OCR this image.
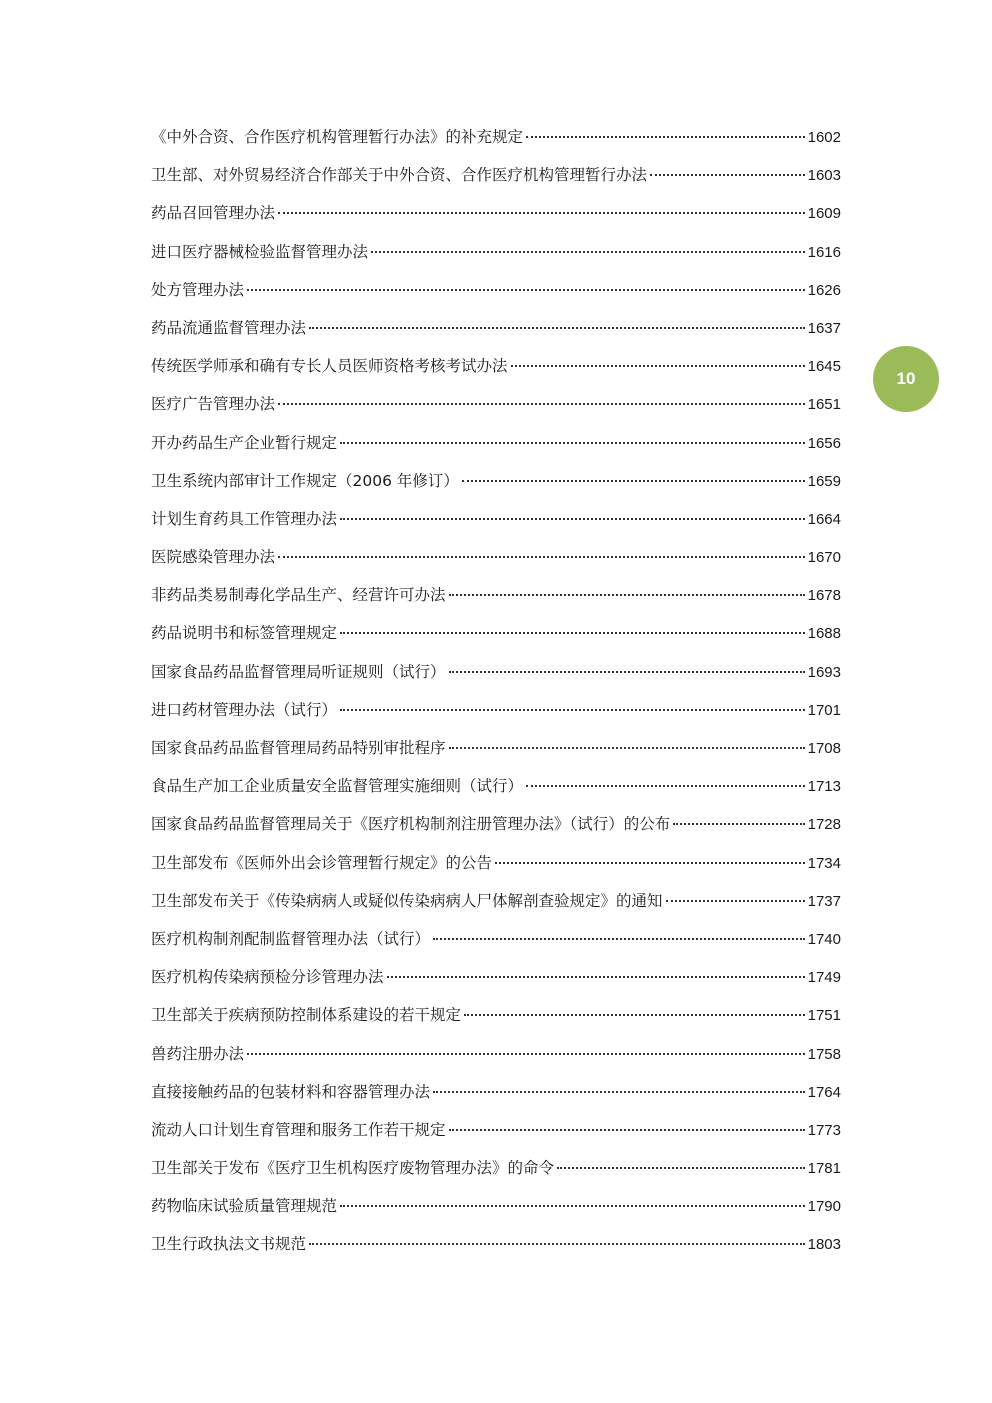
《中外合资、合作医疗机构管理暂行办法》的补充规定	1602
卫生部、对外贸易经济合作部关于中外合资、合作医疗机构管理暂行办法	1603
药品召回管理办法	1609
进口医疗器械检验监督管理办法	1616
处方管理办法	1626
药品流通监督管理办法	1637
传统医学师承和确有专长人员医师资格考核考试办法	1645
医疗广告管理办法	1651
开办药品生产企业暂行规定	1656
卫生系统内部审计工作规定（2006 年修订）	1659
计划生育药具工作管理办法	1664
医院感染管理办法	1670
非药品类易制毒化学品生产、经营许可办法	1678
药品说明书和标签管理规定	1688
国家食品药品监督管理局听证规则（试行）	1693
进口药材管理办法（试行）	1701
国家食品药品监督管理局药品特别审批程序	1708
食品生产加工企业质量安全监督管理实施细则（试行）	1713
国家食品药品监督管理局关于《医疗机构制剂注册管理办法》（试行）的公布	1728
卫生部发布《医师外出会诊管理暂行规定》的公告	1734
卫生部发布关于《传染病病人或疑似传染病病人尸体解剖查验规定》的通知	1737
医疗机构制剂配制监督管理办法（试行）	1740
医疗机构传染病预检分诊管理办法	1749
卫生部关于疾病预防控制体系建设的若干规定	1751
兽药注册办法	1758
直接接触药品的包装材料和容器管理办法	1764
流动人口计划生育管理和服务工作若干规定	1773
卫生部关于发布《医疗卫生机构医疗废物管理办法》的命令	1781
药物临床试验质量管理规范	1790
卫生行政执法文书规范	1803
10
